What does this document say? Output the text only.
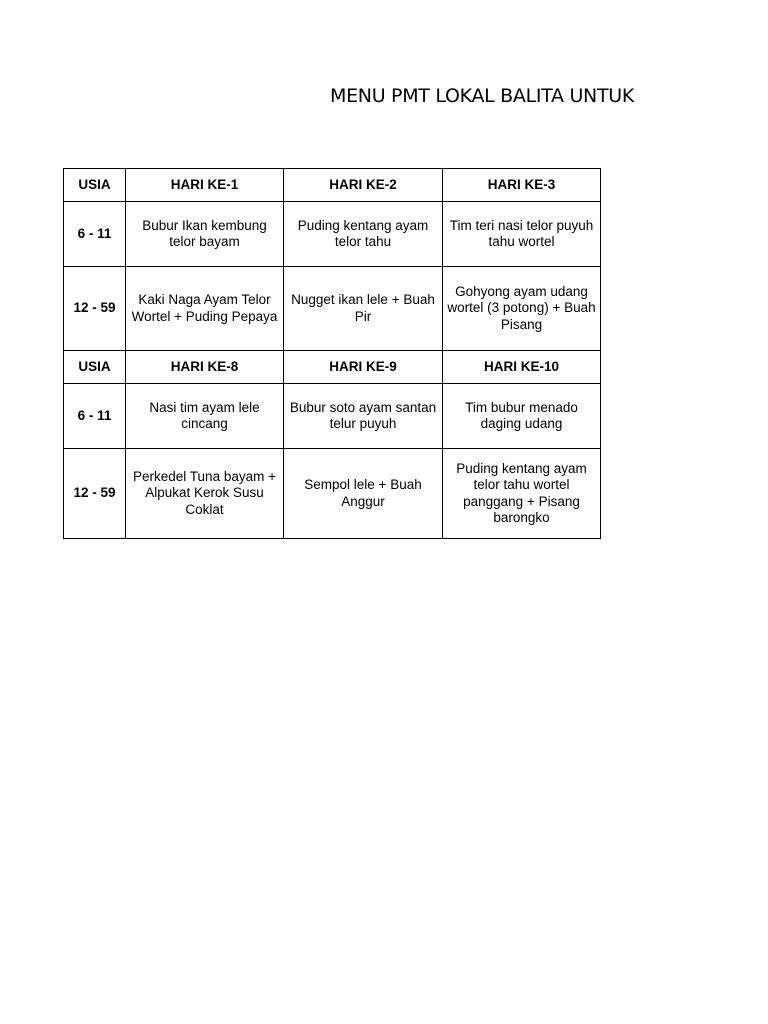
MENU PMT LOKAL BALITA UNTUK
USIA	HARI KE-1	HARI KE-2	HARI KE-3
6 - 11	Bubur Ikan kembung telor bayam	Puding kentang ayam telor tahu	Tim teri nasi telor puyuh tahu wortel
12 - 59	Kaki Naga Ayam Telor Wortel + Puding Pepaya	Nugget ikan lele + Buah Pir	Gohyong ayam udang wortel (3 potong) + Buah Pisang
USIA	HARI KE-8	HARI KE-9	HARI KE-10
6 - 11	Nasi tim ayam lele cincang	Bubur soto ayam santan telur puyuh	Tim bubur menado daging udang
12 - 59	Perkedel Tuna bayam + Alpukat Kerok Susu Coklat	Sempol lele + Buah Anggur	Puding kentang ayam telor tahu wortel panggang + Pisang barongko
